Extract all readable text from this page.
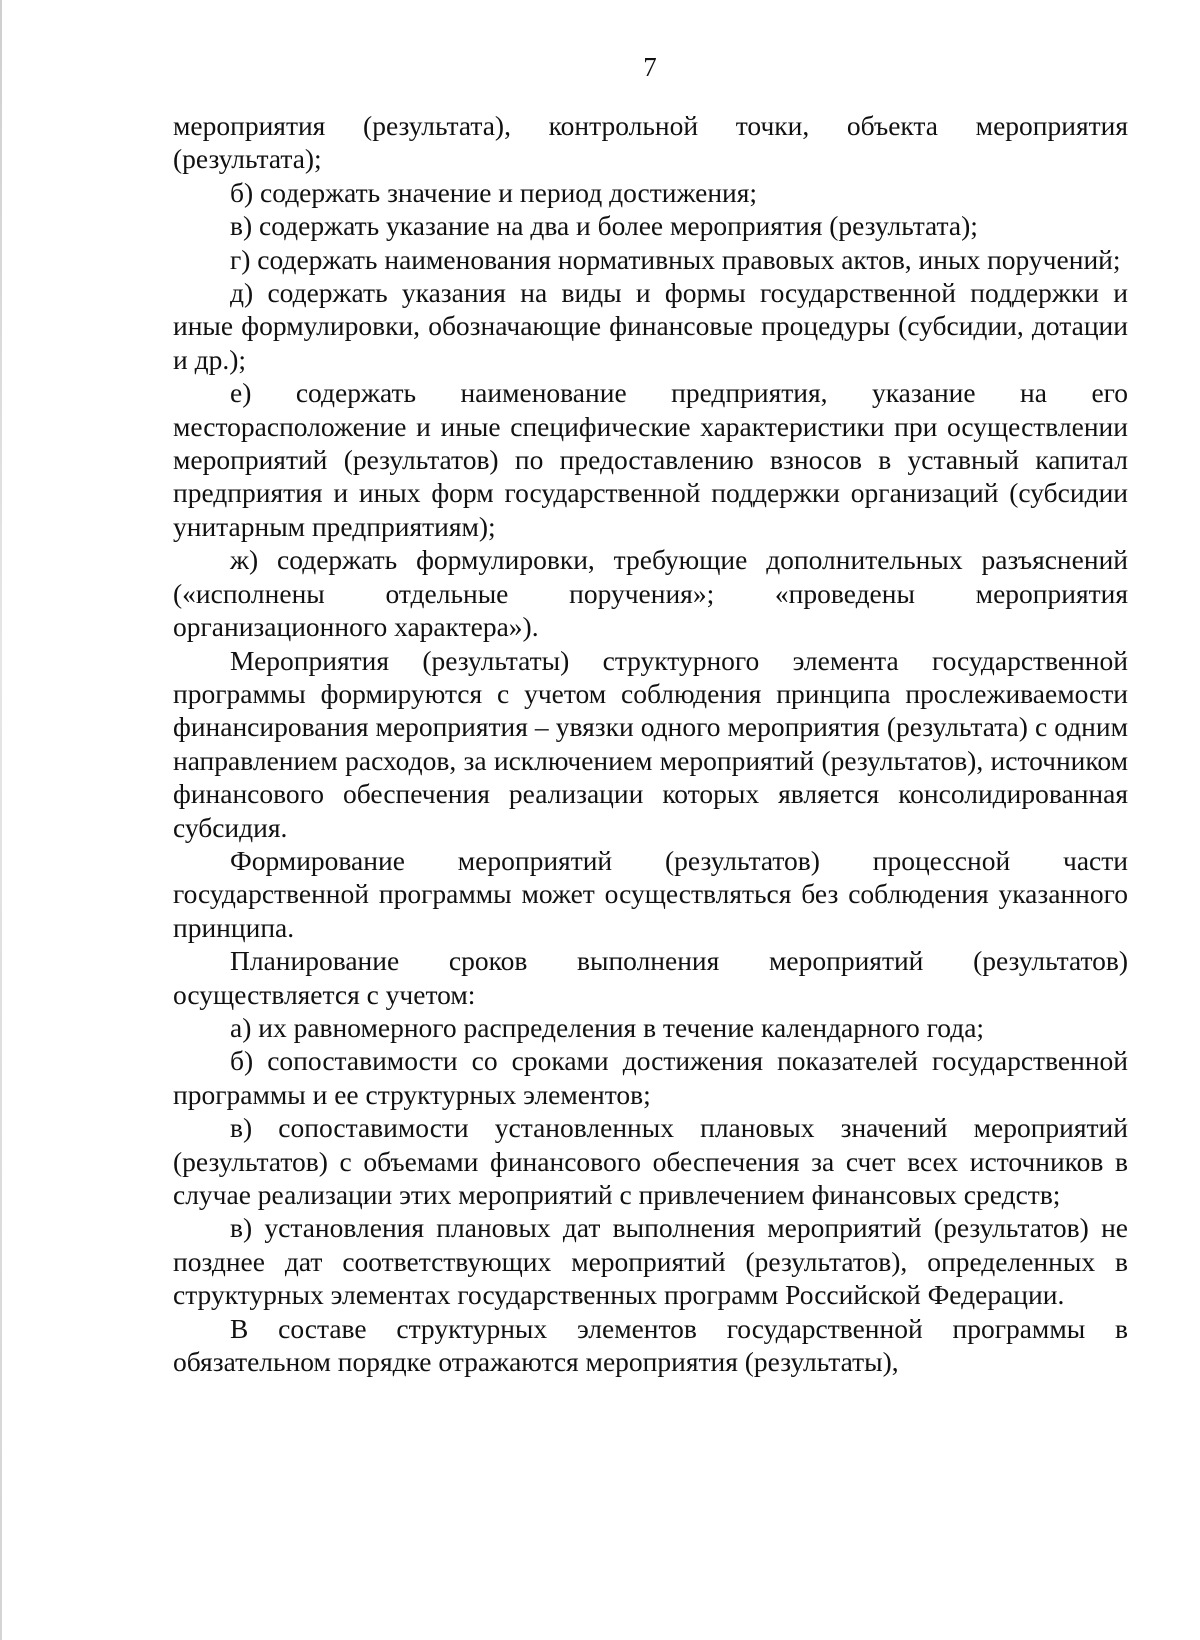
7

мероприятия (результата), контрольной точки, объекта мероприятия (результата);

б) содержать значение и период достижения;

в) содержать указание на два и более мероприятия (результата);

г) содержать наименования нормативных правовых актов, иных поручений;

д) содержать указания на виды и формы государственной поддержки и иные формулировки, обозначающие финансовые процедуры (субсидии, дотации и др.);

е) содержать наименование предприятия, указание на его месторасположение и иные специфические характеристики при осуществлении мероприятий (результатов) по предоставлению взносов в уставный капитал предприятия и иных форм государственной поддержки организаций (субсидии унитарным предприятиям);

ж) содержать формулировки, требующие дополнительных разъяснений («исполнены отдельные поручения»; «проведены мероприятия организационного характера»).

Мероприятия (результаты) структурного элемента государственной программы формируются с учетом соблюдения принципа прослеживаемости финансирования мероприятия – увязки одного мероприятия (результата) с одним направлением расходов, за исключением мероприятий (результатов), источником финансового обеспечения реализации которых является консолидированная субсидия.

Формирование мероприятий (результатов) процессной части государственной программы может осуществляться без соблюдения указанного принципа.

Планирование сроков выполнения мероприятий (результатов) осуществляется с учетом:

а) их равномерного распределения в течение календарного года;

б) сопоставимости со сроками достижения показателей государственной программы и ее структурных элементов;

в) сопоставимости установленных плановых значений мероприятий (результатов) с объемами финансового обеспечения за счет всех источников в случае реализации этих мероприятий с привлечением финансовых средств;

в) установления плановых дат выполнения мероприятий (результатов) не позднее дат соответствующих мероприятий (результатов), определенных в структурных элементах государственных программ Российской Федерации.

В составе структурных элементов государственной программы в обязательном порядке отражаются мероприятия (результаты),
